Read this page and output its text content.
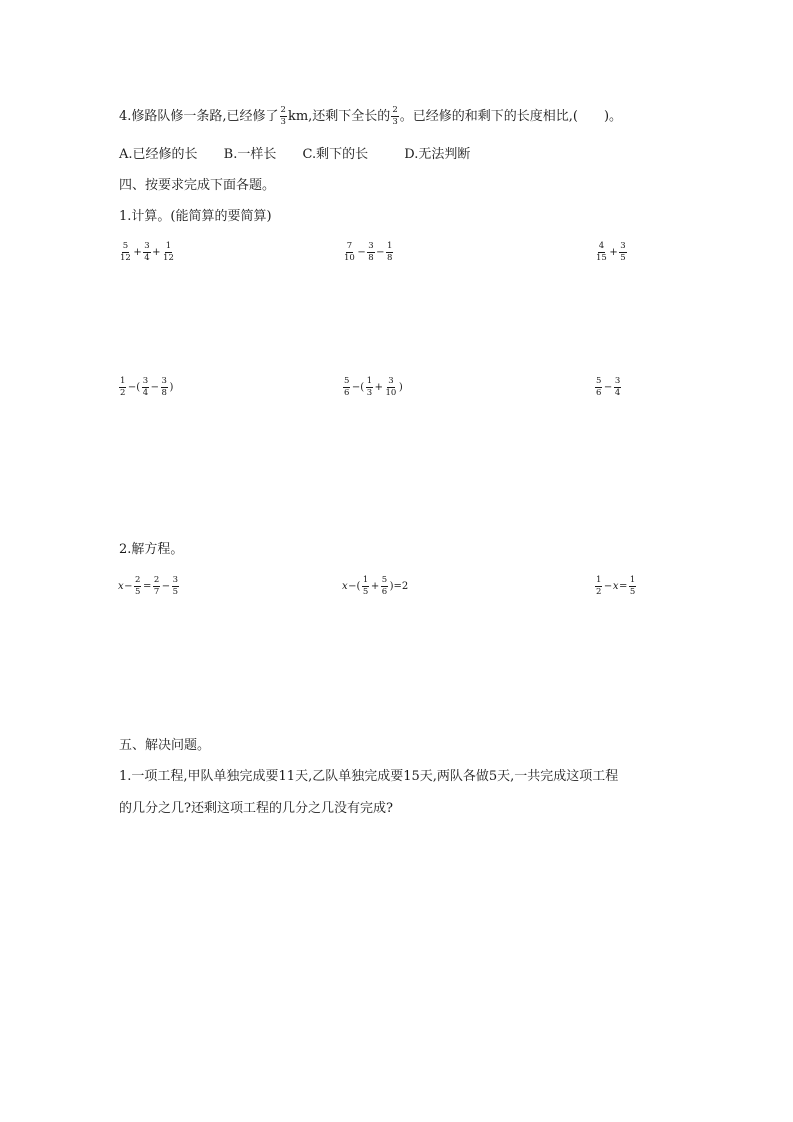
4.修路队修一条路,已经修了 $\frac{2}{3}$ km,还剩下全长的 $\frac{2}{3}$ 。已经修的和剩下的长度相比,( )。
A.已经修的长 B.一样长 C.剩下的长	D.无法判断
四、按要求完成下面各题。
1.计算。(能简算的要简算)
$\frac{5}{12} + \frac{3}{4} + \frac{1}{12}$	$\frac{7}{10} - \frac{3}{8} - \frac{1}{8}$	$\frac{4}{15} + \frac{3}{5}$
$\frac{1}{2}$ −( $\frac{3}{4} - \frac{3}{8}$ )	$\frac{5}{6}$ −( $\frac{1}{3} + \frac{3}{10}$ )	$\frac{5}{6} - \frac{3}{4}$
2.解方程。
$x - \frac{2}{5} = \frac{2}{7} - \frac{3}{5}$	x −( $\frac{1}{5} + \frac{5}{6} )=2$	$\frac{1}{2} - x = \frac{1}{5}$
五、解决问题。
1.一项工程,甲队单独完成要11天,乙队单独完成要15天,两队各做5天,一共完成这项工程
的几分之几?还剩这项工程的几分之几没有完成?
